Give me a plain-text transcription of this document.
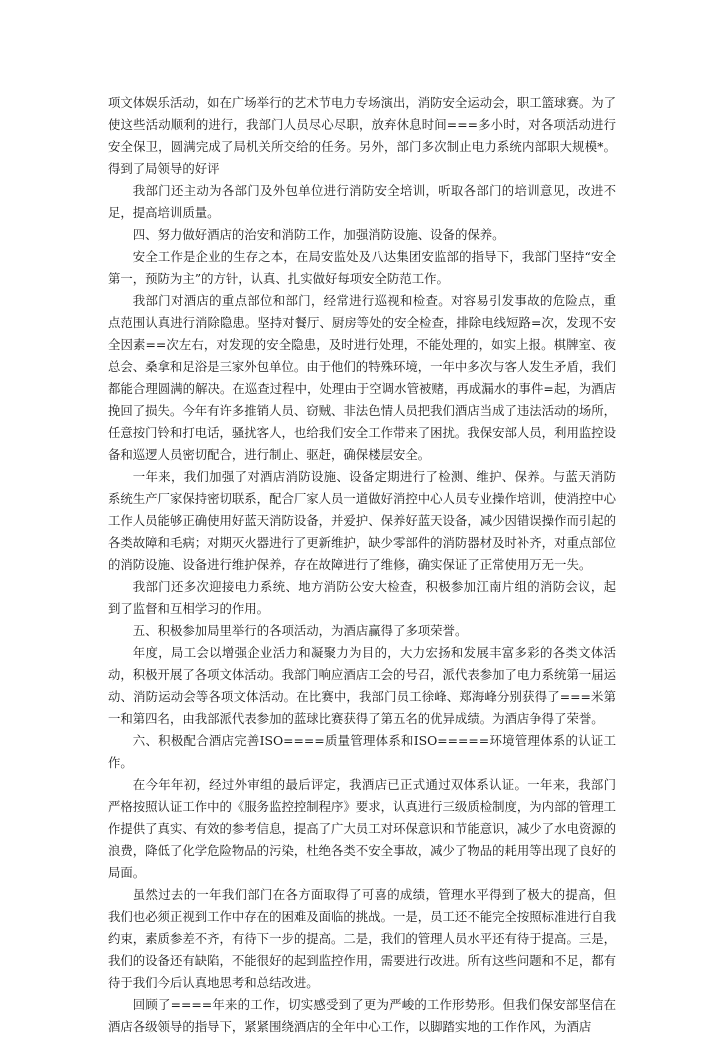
项文体娱乐活动，如在广场举行的艺术节电力专场演出，消防安全运动会，职工篮球赛。为了使这些活动顺利的进行，我部门人员尽心尽职，放弃休息时间===多小时，对各项活动进行安全保卫，圆满完成了局机关所交给的任务。另外，部门多次制止电力系统内部职大规模*。得到了局领导的好评

我部门还主动为各部门及外包单位进行消防安全培训，听取各部门的培训意见，改进不足，提高培训质量。

四、努力做好酒店的治安和消防工作，加强消防设施、设备的保养。

安全工作是企业的生存之本，在局安监处及八达集团安监部的指导下，我部门坚持“安全第一，预防为主”的方针，认真、扎实做好每项安全防范工作。

我部门对酒店的重点部位和部门，经常进行巡视和检查。对容易引发事故的危险点，重点范围认真进行消除隐患。坚持对餐厅、厨房等处的安全检查，排除电线短路=次，发现不安全因素==次左右，对发现的安全隐患，及时进行处理，不能处理的，如实上报。棋牌室、夜总会、桑拿和足浴是三家外包单位。由于他们的特殊环境，一年中多次与客人发生矛盾，我们都能合理圆满的解决。在巡查过程中，处理由于空调水管被赌，再成漏水的事件=起，为酒店挽回了损失。今年有许多推销人员、窃贼、非法色情人员把我们酒店当成了违法活动的场所，任意按门铃和打电话，骚扰客人，也给我们安全工作带来了困扰。我保安部人员，利用监控设备和巡逻人员密切配合，进行制止、驱赶，确保楼层安全。

一年来，我们加强了对酒店消防设施、设备定期进行了检测、维护、保养。与蓝天消防系统生产厂家保持密切联系，配合厂家人员一道做好消控中心人员专业操作培训，使消控中心工作人员能够正确使用好蓝天消防设备，并爱护、保养好蓝天设备，减少因错误操作而引起的各类故障和毛病；对期灭火器进行了更新维护，缺少零部件的消防器材及时补齐，对重点部位的消防设施、设备进行维护保养，存在故障进行了维修，确实保证了正常使用万无一失。

我部门还多次迎接电力系统、地方消防公安大检查，积极参加江南片组的消防会议，起到了监督和互相学习的作用。

五、积极参加局里举行的各项活动，为酒店赢得了多项荣誉。

年度，局工会以增强企业活力和凝聚力为目的，大力宏扬和发展丰富多彩的各类文体活动，积极开展了各项文体活动。我部门响应酒店工会的号召，派代表参加了电力系统第一届运动、消防运动会等各项文体活动。在比赛中，我部门员工徐峰、郑海峰分别获得了===米第一和第四名，由我部派代表参加的蓝球比赛获得了第五名的优异成绩。为酒店争得了荣誉。

六、积极配合酒店完善ISO====质量管理体系和ISO=====环境管理体系的认证工作。

在今年年初，经过外审组的最后评定，我酒店已正式通过双体系认证。一年来，我部门严格按照认证工作中的《服务监控控制程序》要求，认真进行三级质检制度，为内部的管理工作提供了真实、有效的参考信息，提高了广大员工对环保意识和节能意识，减少了水电资源的浪费，降低了化学危险物品的污染，杜绝各类不安全事故，减少了物品的耗用等出现了良好的局面。

虽然过去的一年我们部门在各方面取得了可喜的成绩，管理水平得到了极大的提高，但我们也必须正视到工作中存在的困难及面临的挑战。一是，员工还不能完全按照标准进行自我约束，素质参差不齐，有待下一步的提高。二是，我们的管理人员水平还有待于提高。三是，我们的设备还有缺陷，不能很好的起到监控作用，需要进行改进。所有这些问题和不足，都有待于我们今后认真地思考和总结改进。

回顾了====年来的工作，切实感受到了更为严峻的工作形势形。但我们保安部坚信在酒店各级领导的指导下，紧紧围绕酒店的全年中心工作，以脚踏实地的工作作风，为酒店
